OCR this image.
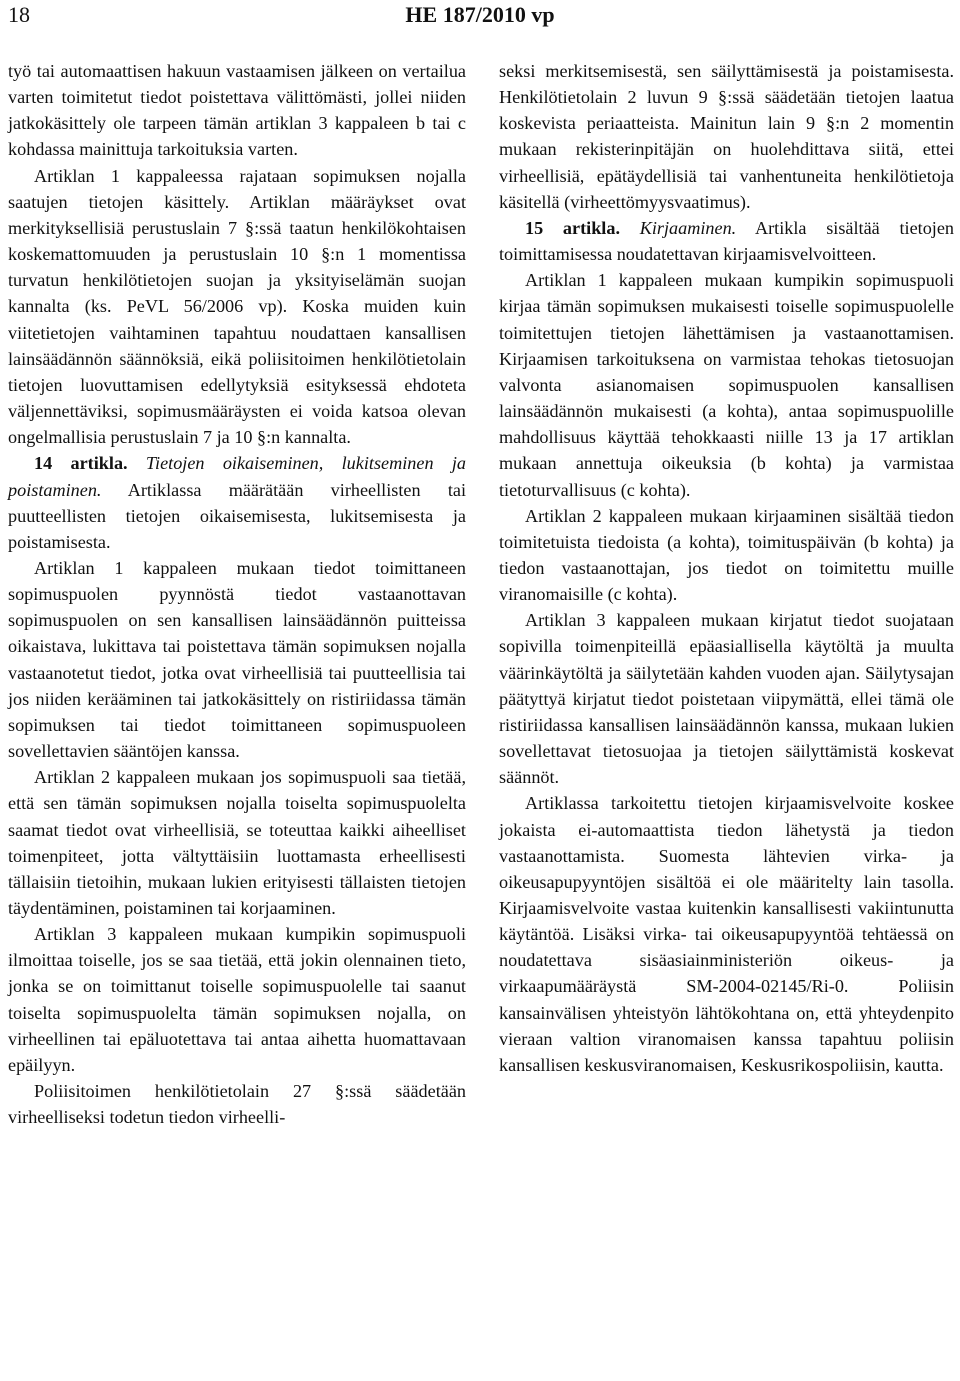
18	HE 187/2010 vp

työ tai automaattisen hakuun vastaamisen jälkeen on vertailua varten toimitetut tiedot poistettava välittömästi, jollei niiden jatkokäsittely ole tarpeen tämän artiklan 3 kappaleen b tai c kohdassa mainittuja tarkoituksia varten.

Artiklan 1 kappaleessa rajataan sopimuksen nojalla saatujen tietojen käsittely. Artiklan määräykset ovat merkityksellisiä perustuslain 7 §:ssä taatun henkilökohtaisen koskemattomuuden ja perustuslain 10 §:n 1 momentissa turvatun henkilötietojen suojan ja yksityiselämän suojan kannalta (ks. PeVL 56/2006 vp). Koska muiden kuin viitetietojen vaihtaminen tapahtuu noudattaen kansallisen lainsäädännön säännöksiä, eikä poliisitoimen henkilötietolain tietojen luovuttamisen edellytyksiä esityksessä ehdoteta väljennettäviksi, sopimusmääräysten ei voida katsoa olevan ongelmallisia perustuslain 7 ja 10 §:n kannalta.

14 artikla. Tietojen oikaiseminen, lukitseminen ja poistaminen. Artiklassa määrätään virheellisten tai puutteellisten tietojen oikaisemisesta, lukitsemisesta ja poistamisesta.

Artiklan 1 kappaleen mukaan tiedot toimittaneen sopimuspuolen pyynnöstä tiedot vastaanottavan sopimuspuolen on sen kansallisen lainsäädännön puitteissa oikaistava, lukittava tai poistettava tämän sopimuksen nojalla vastaanotetut tiedot, jotka ovat virheellisiä tai puutteellisia tai jos niiden kerääminen tai jatkokäsittely on ristiriidassa tämän sopimuksen tai tiedot toimittaneen sopimuspuoleen sovellettavien sääntöjen kanssa.

Artiklan 2 kappaleen mukaan jos sopimuspuoli saa tietää, että sen tämän sopimuksen nojalla toiselta sopimuspuolelta saamat tiedot ovat virheellisiä, se toteuttaa kaikki aiheelliset toimenpiteet, jotta vältyttäisiin luottamasta erheellisesti tällaisiin tietoihin, mukaan lukien erityisesti tällaisten tietojen täydentäminen, poistaminen tai korjaaminen.

Artiklan 3 kappaleen mukaan kumpikin sopimuspuoli ilmoittaa toiselle, jos se saa tietää, että jokin olennainen tieto, jonka se on toimittanut toiselle sopimuspuolelle tai saanut toiselta sopimuspuolelta tämän sopimuksen nojalla, on virheellinen tai epäluotettava tai antaa aihetta huomattavaan epäilyyn.

Poliisitoimen henkilötietolain 27 §:ssä säädetään virheelliseksi todetun tiedon virheelli-

seksi merkitsemisestä, sen säilyttämisestä ja poistamisesta. Henkilötietolain 2 luvun 9 §:ssä säädetään tietojen laatua koskevista periaatteista. Mainitun lain 9 §:n 2 momentin mukaan rekisterinpitäjän on huolehdittava siitä, ettei virheellisiä, epätäydellisiä tai vanhentuneita henkilötietoja käsitellä (virheettömyysvaatimus).

15 artikla. Kirjaaminen. Artikla sisältää tietojen toimittamisessa noudatettavan kirjaamisvelvoitteen.

Artiklan 1 kappaleen mukaan kumpikin sopimuspuoli kirjaa tämän sopimuksen mukaisesti toiselle sopimuspuolelle toimitettujen tietojen lähettämisen ja vastaanottamisen. Kirjaamisen tarkoituksena on varmistaa tehokas tietosuojan valvonta asianomaisen sopimuspuolen kansallisen lainsäädännön mukaisesti (a kohta), antaa sopimuspuolille mahdollisuus käyttää tehokkaasti niille 13 ja 17 artiklan mukaan annettuja oikeuksia (b kohta) ja varmistaa tietoturvallisuus (c kohta).

Artiklan 2 kappaleen mukaan kirjaaminen sisältää tiedon toimitetuista tiedoista (a kohta), toimituspäivän (b kohta) ja tiedon vastaanottajan, jos tiedot on toimitettu muille viranomaisille (c kohta).

Artiklan 3 kappaleen mukaan kirjatut tiedot suojataan sopivilla toimenpiteillä epäasiallisella käytöltä ja muulta väärinkäytöltä ja säilytetään kahden vuoden ajan. Säilytysajan päätyttyä kirjatut tiedot poistetaan viipymättä, ellei tämä ole ristiriidassa kansallisen lainsäädännön kanssa, mukaan lukien sovellettavat tietosuojaa ja tietojen säilyttämistä koskevat säännöt.

Artiklassa tarkoitettu tietojen kirjaamisvelvoite koskee jokaista ei-automaattista tiedon lähetystä ja tiedon vastaanottamista. Suomesta lähtevien virka- ja oikeusapupyyntöjen sisältöä ei ole määritelty lain tasolla. Kirjaamisvelvoite vastaa kuitenkin kansallisesti vakiintunutta käytäntöä. Lisäksi virka- tai oikeusapupyyntöä tehtäessä on noudatettava sisäasiainministeriön oikeus- ja virkaapumääräystä SM-2004-02145/Ri-0. Poliisin kansainvälisen yhteistyön lähtökohtana on, että yhteydenpito vieraan valtion viranomaisen kanssa tapahtuu poliisin kansallisen keskusviranomaisen, Keskusrikospoliisin, kautta.
